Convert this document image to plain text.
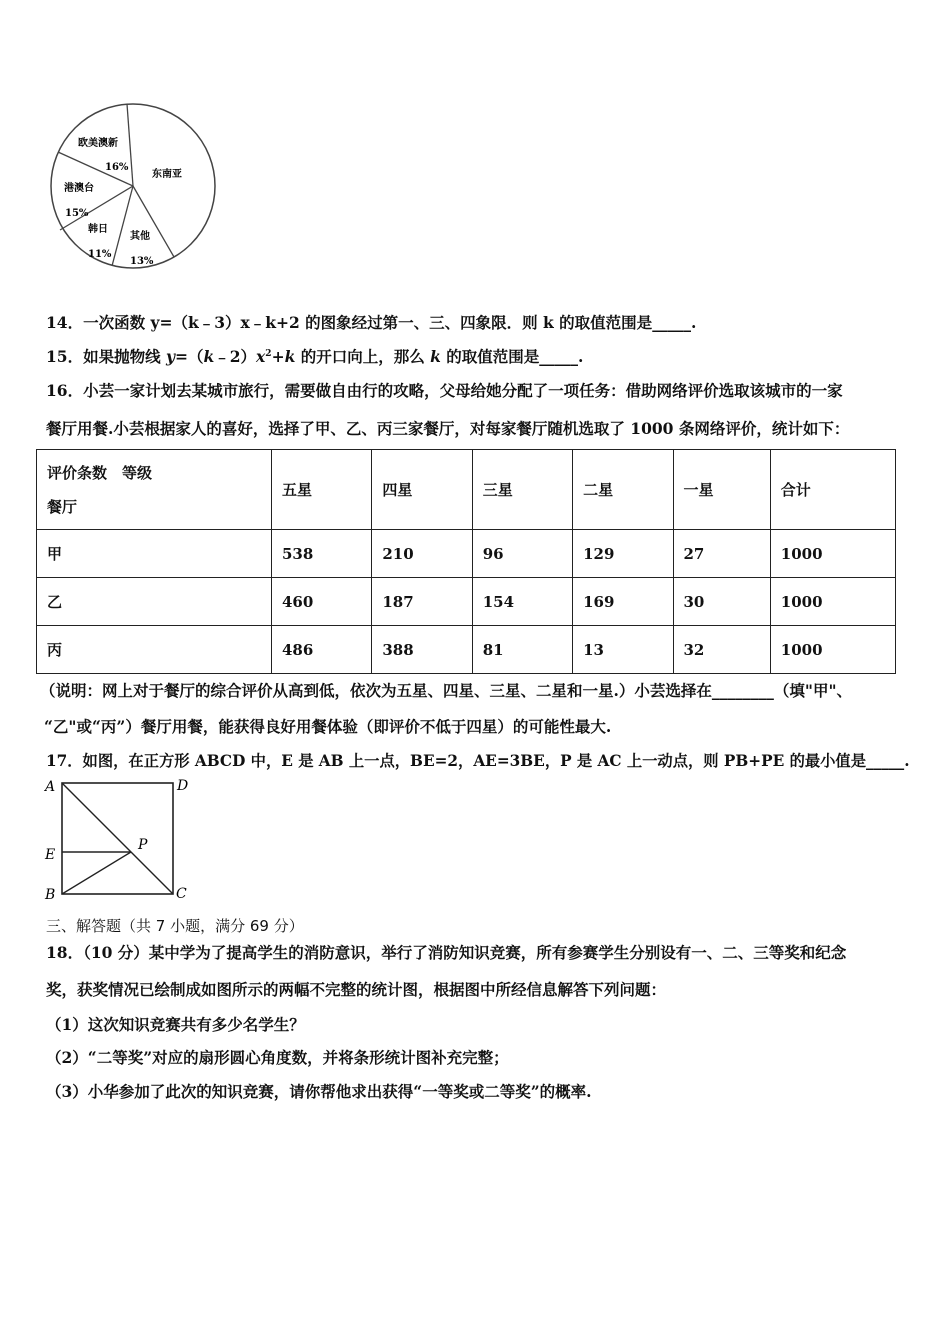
欧美澳新
16%
东南亚
港澳台
15%
韩日
11%
其他
13%
14．一次函数 y=（k﹣3）x﹣k+2 的图象经过第一、三、四象限．则 k 的取值范围是_____.
15．如果抛物线 $y=(k﹣2)x^2+k$ 的开口向上，那么 k 的取值范围是_____.
16．小芸一家计划去某城市旅行，需要做自由行的攻略，父母给她分配了一项任务：借助网络评价选取该城市的一家
餐厅用餐.小芸根据家人的喜好，选择了甲、乙、丙三家餐厅，对每家餐厅随机选取了 1000 条网络评价，统计如下：
评价条数　等级
餐厅	五星	四星	三星	二星	一星	合计
甲	538	210	96	129	27	1000
乙	460	187	154	169	30	1000
丙	486	388	81	13	32	1000
（说明：网上对于餐厅的综合评价从高到低，依次为五星、四星、三星、二星和一星.）小芸选择在________（填"甲"、
“乙"或“丙”）餐厅用餐，能获得良好用餐体验（即评价不低于四星）的可能性最大.
17．如图，在正方形 ABCD 中，E 是 AB 上一点，BE=2，AE=3BE，P 是 AC 上一动点，则 PB+PE 的最小值是_____.
A	D
E
P
B	C
三、解答题（共 7 小题，满分 69 分）
18．（10 分）某中学为了提高学生的消防意识，举行了消防知识竞赛，所有参赛学生分别设有一、二、三等奖和纪念
奖，获奖情况已绘制成如图所示的两幅不完整的统计图，根据图中所经信息解答下列问题：
（1）这次知识竞赛共有多少名学生？
（2）“二等奖”对应的扇形圆心角度数，并将条形统计图补充完整；
（3）小华参加了此次的知识竞赛，请你帮他求出获得“一等奖或二等奖”的概率.
